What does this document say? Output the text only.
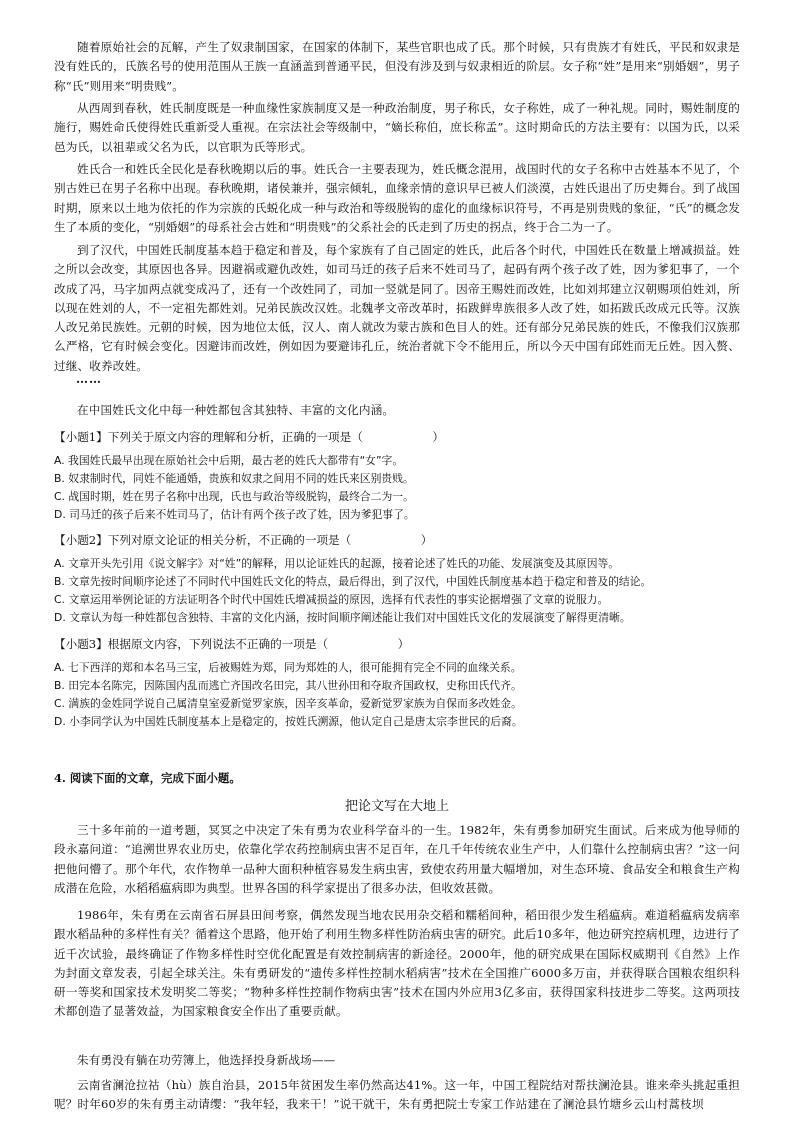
随着原始社会的瓦解，产生了奴隶制国家，在国家的体制下，某些官职也成了氏。那个时候，只有贵族才有姓氏，平民和奴隶是没有姓氏的，氏族名号的使用范围从王族一直涵盖到普通平民，但没有涉及到与奴隶相近的阶层。女子称“姓”是用来“别婚姻”，男子称“氏”则用来“明贵贱”。

从西周到春秋，姓氏制度既是一种血缘性家族制度又是一种政治制度，男子称氏，女子称姓，成了一种礼规。同时，赐姓制度的施行，赐姓命氏使得姓氏重新受人重视。在宗法社会等级制中，“嫡长称伯，庶长称孟”。这时期命氏的方法主要有：以国为氏，以采邑为氏，以祖辈或父名为氏，以官职为氏等形式。

姓氏合一和姓氏全民化是春秋晚期以后的事。姓氏合一主要表现为，姓氏概念混用，战国时代的女子名称中古姓基本不见了，个别古姓已在男子名称中出现。春秋晚期，诸侯兼并，强宗倾轧，血缘亲情的意识早已被人们淡漠，古姓氏退出了历史舞台。到了战国时期，原来以土地为依托的作为宗族的氏蜕化成一种与政治和等级脱钩的虚化的血缘标识符号，不再是别贵贱的象征，“氏”的概念发生了本质的变化，“别婚姻”的母系社会古姓和“明贵贱”的父系社会的氏走到了历史的拐点，终于合二为一了。

到了汉代，中国姓氏制度基本趋于稳定和普及，每个家族有了自己固定的姓氏，此后各个时代，中国姓氏在数量上增减损益。姓之所以会改变，其原因也各异。因避祸或避仇改姓，如司马迁的孩子后来不姓司马了，起码有两个孩子改了姓，因为爹犯事了，一个改成了冯，马字加两点就变成冯了，还有一个改姓同了，司加一竖就是同了。因帝王赐姓而改姓，比如刘邦建立汉朝赐项伯姓刘，所以现在姓刘的人，不一定祖先都姓刘。兄弟民族改汉姓。北魏孝文帝改革时，拓跋鲜卑族很多人改了姓，如拓跋氏改成元氏等。汉族人改兄弟民族姓。元朝的时候，因为地位太低，汉人、南人就改为蒙古族和色目人的姓。还有部分兄弟民族的姓氏，不像我们汉族那么严格，它有时候会变化。因避讳而改姓，例如因为要避讳孔丘，统治者就下令不能用丘，所以今天中国有邱姓而无丘姓。因入赘、过继、收养改姓。

……

在中国姓氏文化中每一种姓都包含其独特、丰富的文化内涵。

【小题1】下列关于原文内容的理解和分析，正确的一项是（　　　　　　）

A. 我国姓氏最早出现在原始社会中后期，最古老的姓氏大都带有“女”字。

B. 奴隶制时代，同姓不能通婚，贵族和奴隶之间用不同的姓氏来区别贵贱。

C. 战国时期，姓在男子名称中出现，氏也与政治等级脱钩，最终合二为一。

D. 司马迁的孩子后来不姓司马了，估计有两个孩子改了姓，因为爹犯事了。

【小题2】下列对原文论证的相关分析，不正确的一项是（　　　　　　）

A. 文章开头先引用《说文解字》对“姓”的解释，用以论证姓氏的起源，接着论述了姓氏的功能、发展演变及其原因等。

B. 文章先按时间顺序论述了不同时代中国姓氏文化的特点，最后得出，到了汉代，中国姓氏制度基本趋于稳定和普及的结论。

C. 文章运用举例论证的方法证明各个时代中国姓氏增减损益的原因，选择有代表性的事实论据增强了文章的说服力。

D. 文章认为每一种姓都包含独特、丰富的文化内涵，按时间顺序阐述能让我们对中国姓氏文化的发展演变了解得更清晰。

【小题3】根据原文内容，下列说法不正确的一项是（　　　　　　）

A. 七下西洋的郑和本名马三宝，后被赐姓为郑，同为郑姓的人，很可能拥有完全不同的血缘关系。

B. 田完本名陈完，因陈国内乱而逃亡齐国改名田完，其八世孙田和夺取齐国政权，史称田氏代齐。

C. 满族的金姓同学说自己属清皇室爱新觉罗家族，因辛亥革命，爱新觉罗家族为自保而多改姓金。

D. 小李同学认为中国姓氏制度基本上是稳定的，按姓氏溯源，他认定自己是唐太宗李世民的后裔。

4. 阅读下面的文章，完成下面小题。

把论文写在大地上

三十多年前的一道考题，冥冥之中决定了朱有勇为农业科学奋斗的一生。1982年，朱有勇参加研究生面试。后来成为他导师的段永嘉问道：“追溯世界农业历史，依靠化学农药控制病虫害不足百年，在几千年传统农业生产中，人们靠什么控制病虫害？”这一问把他问懵了。那个年代，农作物单一品种大面积种植容易发生病虫害，致使农药用量大幅增加，对生态环境、食品安全和粮食生产构成潜在危险，水稻稻瘟病即为典型。世界各国的科学家提出了很多办法，但收效甚微。

1986年，朱有勇在云南省石屏县田间考察，偶然发现当地农民用杂交稻和糯稻间种，稻田很少发生稻瘟病。难道稻瘟病发病率跟水稻品种的多样性有关？循着这个思路，他开始了利用生物多样性防治病虫害的研究。此后10多年，他边研究控病机理，边进行了近千次试验，最终确证了作物多样性时空优化配置是有效控制病害的新途径。2000年，他的研究成果在国际权威期刊《自然》上作为封面文章发表，引起全球关注。朱有勇研发的“遗传多样性控制水稻病害”技术在全国推广6000多万亩，并获得联合国粮农组织科研一等奖和国家技术发明奖二等奖；“物种多样性控制作物病虫害”技术在国内外应用3亿多亩，获得国家科技进步二等奖。这两项技术都创造了显著效益，为国家粮食安全作出了重要贡献。

朱有勇没有躺在功劳簿上，他选择投身新战场——

云南省澜沧拉祜（hù）族自治县，2015年贫困发生率仍然高达41%。这一年，中国工程院结对帮扶澜沧县。谁来牵头挑起重担呢？时年60岁的朱有勇主动请缨：“我年轻，我来干！”说干就干，朱有勇把院士专家工作站建在了澜沧县竹塘乡云山村蒿枝坝
